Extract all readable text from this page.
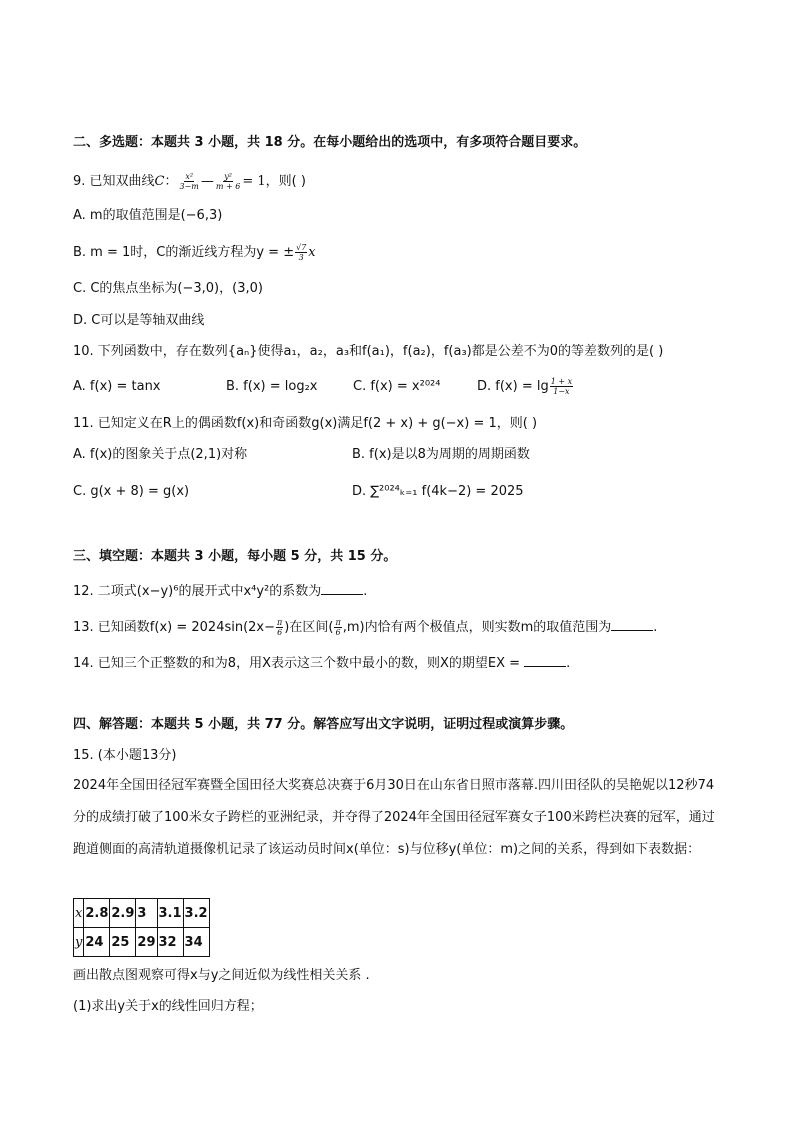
二、多选题：本题共 3 小题，共 18 分。在每小题给出的选项中，有多项符合题目要求。
9. 已知双曲线C： $\frac{\text{x²}}{3-m}$ — $\frac{\text{y²}}{m + 6} = 1$，则( )
A. m的取值范围是(−6,3)
B. m = 1时，C的渐近线方程为y = ± $\frac{√7}{3}$ x
C. C的焦点坐标为(−3,0)，(3,0)
D. C可以是等轴双曲线
10. 下列函数中，存在数列{aₙ}使得a₁，a₂，a₃和f(a₁)，f(a₂)，f(a₃)都是公差不为0的等差数列的是( )
A. f(x) = tanx	B. f(x) = log₂x	C. f(x) = x²⁰²⁴	D. $f(x) = \lg \frac{1 + x}{1-x}$
11. 已知定义在R上的偶函数f(x)和奇函数g(x)满足f(2 + x) + g(−x) = 1，则( )
A. f(x)的图象关于点(2,1)对称	B. f(x)是以8为周期的周期函数
C. g(x + 8) = g(x)	D. ∑²⁰²⁴ₖ₌₁ f(4k−2) = 2025
三、填空题：本题共 3 小题，每小题 5 分，共 15 分。
12. 二项式(x−y)⁶的展开式中x⁴y²的系数为	.
13. 已知函数$f(x) = 2024\sin(2x- \frac{\pi}{6}$ )在区间( $\frac{\pi}{6} ,m$)内恰有两个极值点，则实数m的取值范围为	.
14. 已知三个正整数的和为8，用X表示这三个数中最小的数，则X的期望EX =	.
四、解答题：本题共 5 小题，共 77 分。解答应写出文字说明，证明过程或演算步骤。
15. (本小题13分)
2024年全国田径冠军赛暨全国田径大奖赛总决赛于6月30日在山东省日照市落幕.四川田径队的吴艳妮以12秒74分的成绩打破了100米女子跨栏的亚洲纪录，并夺得了2024年全国田径冠军赛女子100米跨栏决赛的冠军，通过跑道侧面的高清轨道摄像机记录了该运动员时间x(单位：s)与位移y(单位：m)之间的关系，得到如下表数据：
x	2.8	2.9	3	3.1	3.2
y	24	25	29	32	34
画出散点图观察可得x与y之间近似为线性相关关系 .
(1)求出y关于x的线性回归方程；
